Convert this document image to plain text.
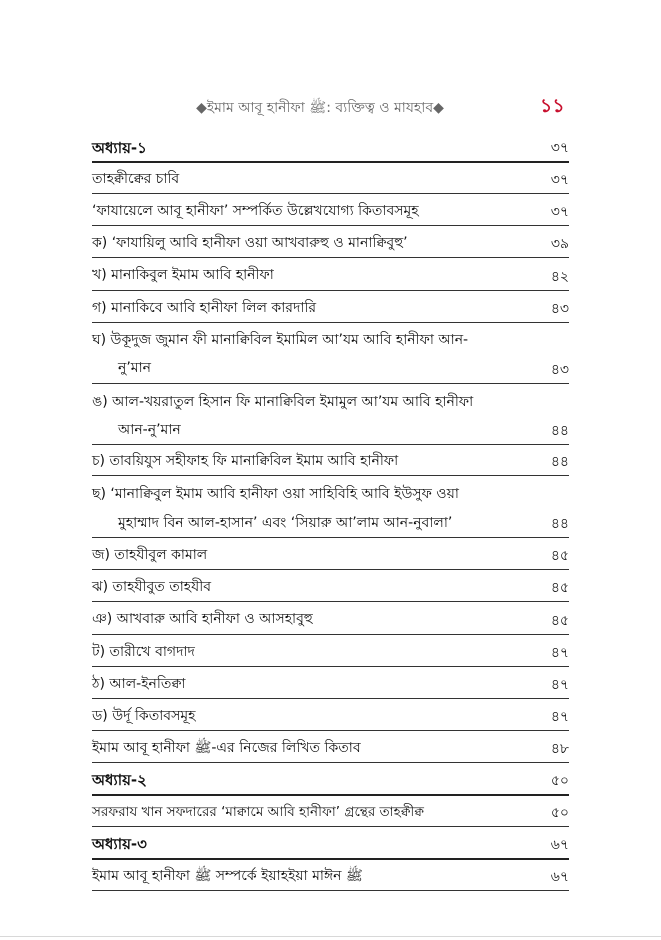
◆ইমাম আবূ হানীফা ﷺ: ব্যক্তিত্ব ও মাযহাব◆	১১
অধ্যায়-১	৩৭
তাহক্বীক্বের চাবি	৩৭
‘ফাযায়েলে আবূ হানীফা’ সম্পর্কিত উল্লেখযোগ্য কিতাবসমূহ	৩৭
ক) ‘ফাযায়িলু আবি হানীফা ওয়া আখবারুহু ও মানাক্বিবুহু’	৩৯
খ) মানাকিবুল ইমাম আবি হানীফা	৪২
গ) মানাকিবে আবি হানীফা লিল কারদারি	৪৩
ঘ) উকূদুজ জুমান ফী মানাক্বিবিল ইমামিল আ’যম আবি হানীফা আন-
নু’মান	৪৩
ঙ) আল-খয়রাতুল হিসান ফি মানাক্বিবিল ইমামুল আ’যম আবি হানীফা
আন-নু’মান	৪৪
চ) তাবয়িযুস সহীফাহ ফি মানাক্বিবিল ইমাম আবি হানীফা	৪৪
ছ) ‘মানাক্বিবুল ইমাম আবি হানীফা ওয়া সাহিবিহি আবি ইউসুফ ওয়া
মুহাম্মাদ বিন আল-হাসান’ এবং ‘সিয়ারু আ’লাম আন-নুবালা’	৪৪
জ) তাহযীবুল কামাল	৪৫
ঝ) তাহযীবুত তাহযীব	৪৫
ঞ) আখবারু আবি হানীফা ও আসহাবুহু	৪৫
ট) তারীখে বাগদাদ	৪৭
ঠ) আল-ইনতিক্বা	৪৭
ড) উর্দূ কিতাবসমূহ	৪৭
ইমাম আবূ হানীফা ﷺ-এর নিজের লিখিত কিতাব	৪৮
অধ্যায়-২	৫০
সরফরায খান সফদারের ‘মাক্বামে আবি হানীফা’ গ্রন্থের তাহক্বীক্ব	৫০
অধ্যায়-৩	৬৭
ইমাম আবূ হানীফা ﷺ সম্পর্কে ইয়াহইয়া মাঈন ﷺ	৬৭
